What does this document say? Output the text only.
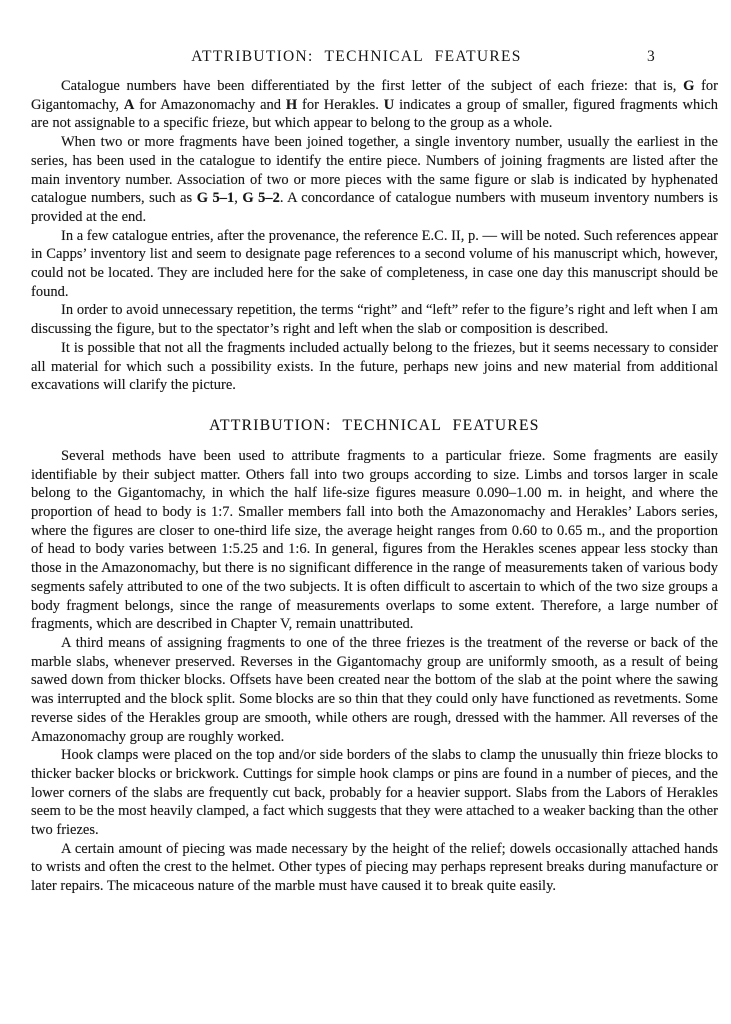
ATTRIBUTION: TECHNICAL FEATURES	3

Catalogue numbers have been differentiated by the first letter of the subject of each frieze: that is, G for Gigantomachy, A for Amazonomachy and H for Herakles. U indicates a group of smaller, figured fragments which are not assignable to a specific frieze, but which appear to belong to the group as a whole.

When two or more fragments have been joined together, a single inventory number, usually the earliest in the series, has been used in the catalogue to identify the entire piece. Numbers of joining fragments are listed after the main inventory number. Association of two or more pieces with the same figure or slab is indicated by hyphenated catalogue numbers, such as G 5–1, G 5–2. A concordance of catalogue numbers with museum inventory numbers is provided at the end.

In a few catalogue entries, after the provenance, the reference E.C. II, p. — will be noted. Such references appear in Capps’ inventory list and seem to designate page references to a second volume of his manuscript which, however, could not be located. They are included here for the sake of completeness, in case one day this manuscript should be found.

In order to avoid unnecessary repetition, the terms “right” and “left” refer to the figure’s right and left when I am discussing the figure, but to the spectator’s right and left when the slab or composition is described.

It is possible that not all the fragments included actually belong to the friezes, but it seems necessary to consider all material for which such a possibility exists. In the future, perhaps new joins and new material from additional excavations will clarify the picture.

ATTRIBUTION: TECHNICAL FEATURES

Several methods have been used to attribute fragments to a particular frieze. Some fragments are easily identifiable by their subject matter. Others fall into two groups according to size. Limbs and torsos larger in scale belong to the Gigantomachy, in which the half life-size figures measure 0.090–1.00 m. in height, and where the proportion of head to body is 1:7. Smaller members fall into both the Amazonomachy and Herakles’ Labors series, where the figures are closer to one-third life size, the average height ranges from 0.60 to 0.65 m., and the proportion of head to body varies between 1:5.25 and 1:6. In general, figures from the Herakles scenes appear less stocky than those in the Amazonomachy, but there is no significant difference in the range of measurements taken of various body segments safely attributed to one of the two subjects. It is often difficult to ascertain to which of the two size groups a body fragment belongs, since the range of measurements overlaps to some extent. Therefore, a large number of fragments, which are described in Chapter V, remain unattributed.

A third means of assigning fragments to one of the three friezes is the treatment of the reverse or back of the marble slabs, whenever preserved. Reverses in the Gigantomachy group are uniformly smooth, as a result of being sawed down from thicker blocks. Offsets have been created near the bottom of the slab at the point where the sawing was interrupted and the block split. Some blocks are so thin that they could only have functioned as revetments. Some reverse sides of the Herakles group are smooth, while others are rough, dressed with the hammer. All reverses of the Amazonomachy group are roughly worked.

Hook clamps were placed on the top and/or side borders of the slabs to clamp the unusually thin frieze blocks to thicker backer blocks or brickwork. Cuttings for simple hook clamps or pins are found in a number of pieces, and the lower corners of the slabs are frequently cut back, probably for a heavier support. Slabs from the Labors of Herakles seem to be the most heavily clamped, a fact which suggests that they were attached to a weaker backing than the other two friezes.

A certain amount of piecing was made necessary by the height of the relief; dowels occasionally attached hands to wrists and often the crest to the helmet. Other types of piecing may perhaps represent breaks during manufacture or later repairs. The micaceous nature of the marble must have caused it to break quite easily.
